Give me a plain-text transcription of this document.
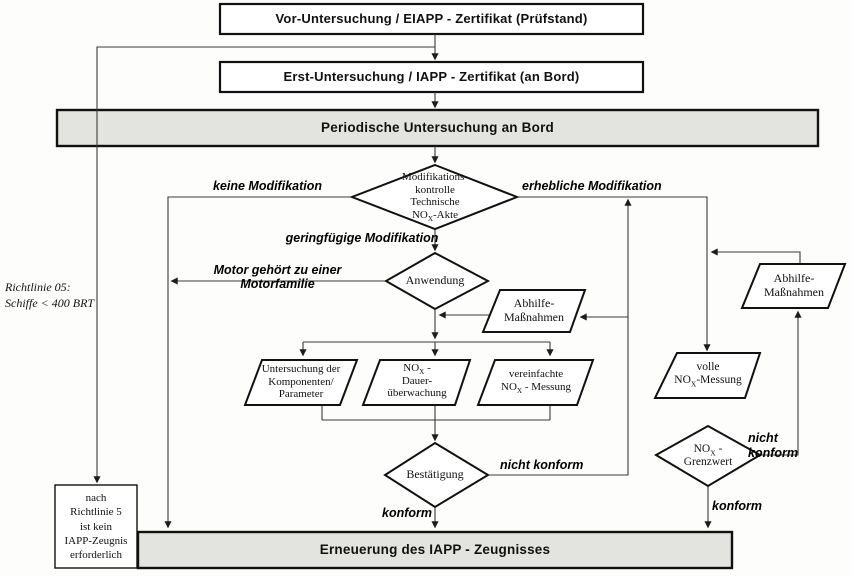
Vor-Untersuchung / EIAPP - Zertifikat (Prüfstand)
Erst-Untersuchung / IAPP - Zertifikat (an Bord)
Periodische Untersuchung an Bord
Erneuerung des IAPP - Zeugnisses
Modifikations-
kontrolle
Technische
$NO_X$-Akte
Anwendung
Abhilfe-
Maßnahmen
Abhilfe-
Maßnahmen
Untersuchung der
Komponenten/
Parameter
$NO_X$ -
Dauer-
überwachung
vereinfachte
$NO_X$ - Messung
volle
$NO_X$-Messung
Bestätigung
$NO_X$ -
Grenzwert
nach
Richtlinie 5
ist kein
IAPP-Zeugnis
erforderlich
keine Modifikation	erhebliche Modifikation
geringfügige Modifikation
Motor gehört zu einer Motorfamilie
nicht konform
konform
nicht
konform
konform
Richtlinie 05:
Schiffe < 400 BRT
